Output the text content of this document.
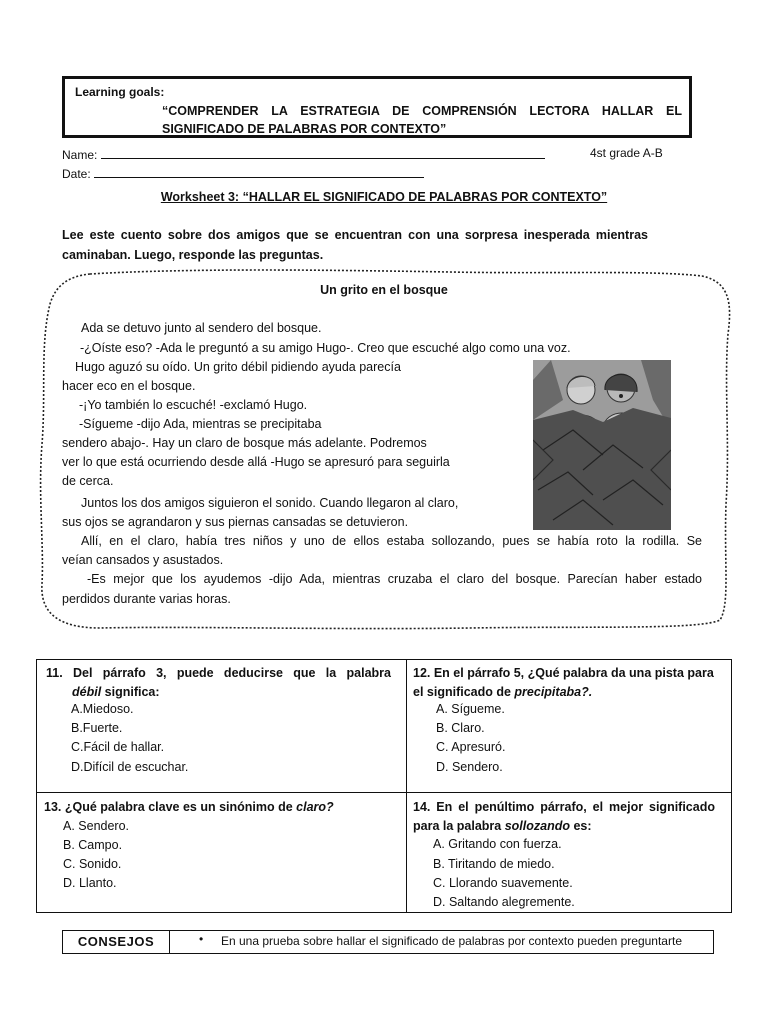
Learning goals:
“COMPRENDER LA ESTRATEGIA DE COMPRENSIÓN LECTORA HALLAR EL SIGNIFICADO DE PALABRAS POR CONTEXTO”
Name:	4st grade A-B
Date:
Worksheet 3: “HALLAR EL SIGNIFICADO DE PALABRAS POR CONTEXTO”
Lee este cuento sobre dos amigos que se encuentran con una sorpresa inesperada mientras caminaban. Luego, responde las preguntas.
Un grito en el bosque
Ada se detuvo junto al sendero del bosque.
-¿Oíste eso? -Ada le preguntó a su amigo Hugo-. Creo que escuché algo como una voz.
Hugo aguzó su oído. Un grito débil pidiendo ayuda parecía
hacer eco en el bosque.
-¡Yo también lo escuché! -exclamó Hugo.
-Sígueme -dijo Ada, mientras se precipitaba
sendero abajo-. Hay un claro de bosque más adelante. Podremos
ver lo que está ocurriendo desde allá -Hugo se apresuró para seguirla
de cerca.
Juntos los dos amigos siguieron el sonido. Cuando llegaron al claro,
sus ojos se agrandaron y sus piernas cansadas se detuvieron.
Allí, en el claro, había tres niños y uno de ellos estaba sollozando, pues se había roto la rodilla. Se
veían cansados y asustados.
-Es mejor que los ayudemos -dijo Ada, mientras cruzaba el claro del bosque. Parecían haber estado
perdidos durante varias horas.
11. Del párrafo 3, puede deducirse que la palabra débil significa:
A.Miedoso.
B.Fuerte.
C.Fácil de hallar.
D.Difícil de escuchar.
12. En el párrafo 5, ¿Qué palabra da una pista para el significado de precipitaba?.
A. Sígueme.
B. Claro.
C. Apresuró.
D. Sendero.
13. ¿Qué palabra clave es un sinónimo de claro?
A. Sendero.
B. Campo.
C. Sonido.
D. Llanto.
14. En el penúltimo párrafo, el mejor significado para la palabra sollozando es:
A. Gritando con fuerza.
B. Tiritando de miedo.
C. Llorando suavemente.
D. Saltando alegremente.
CONSEJOS	• En una prueba sobre hallar el significado de palabras por contexto pueden preguntarte
